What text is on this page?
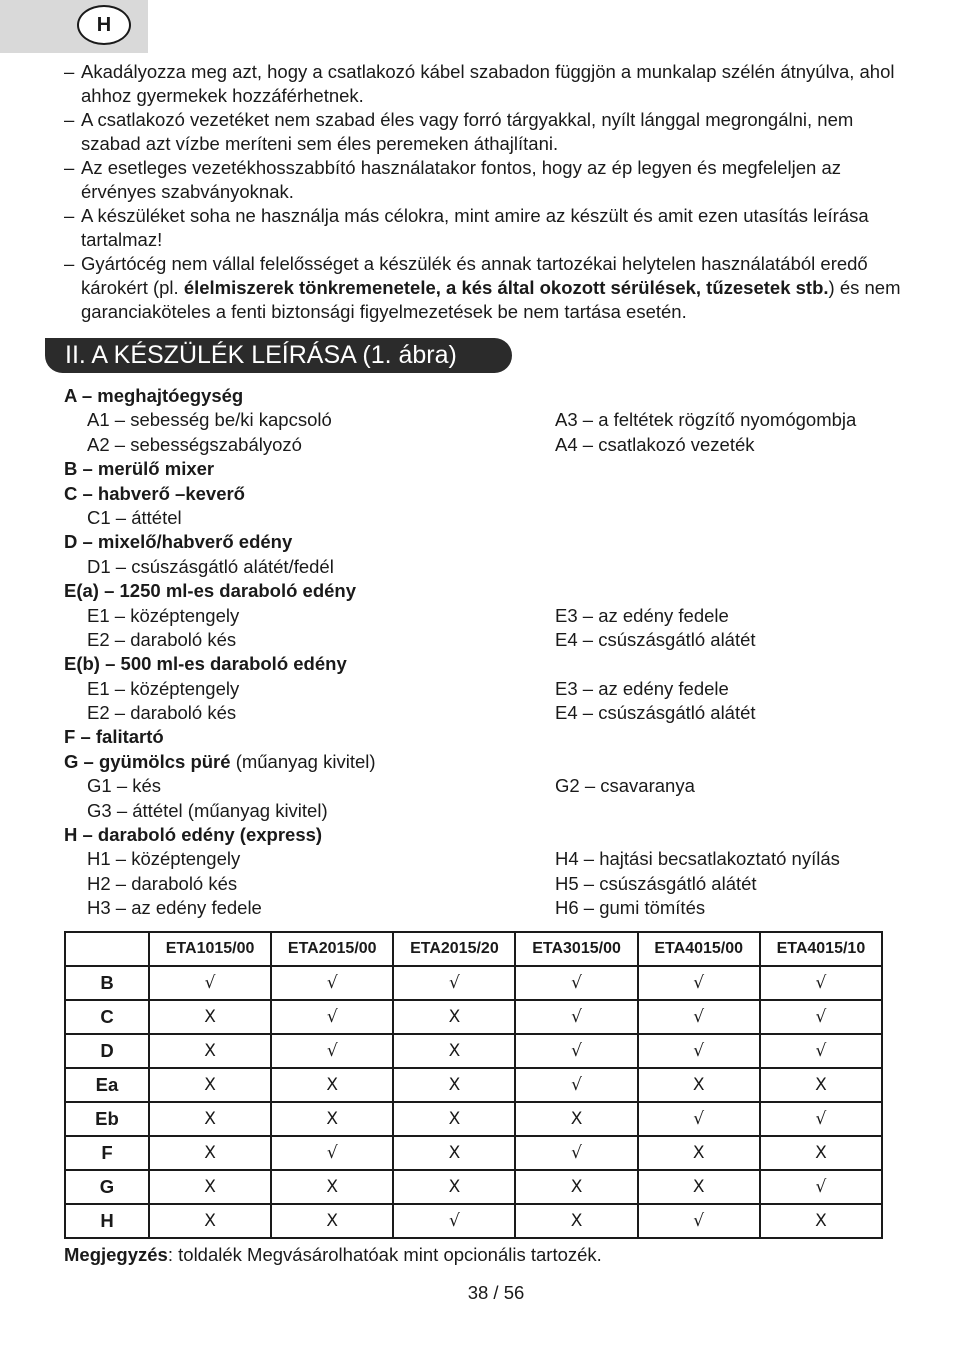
H
– Akadályozza meg azt, hogy a csatlakozó kábel szabadon függjön a munkalap szélén átnyúlva, ahol ahhoz gyermekek hozzáférhetnek.
– A csatlakozó vezetéket nem szabad éles vagy forró tárgyakkal, nyílt lánggal megrongálni, nem szabad azt vízbe meríteni sem éles peremeken áthajlítani.
– Az esetleges vezetékhosszabbító használatakor fontos, hogy az ép legyen és megfeleljen az érvényes szabványoknak.
– A készüléket soha ne használja más célokra, mint amire az készült és amit ezen utasítás leírása tartalmaz!
– Gyártócég nem vállal felelősséget a készülék és annak tartozékai helytelen használatából eredő károkért (pl. élelmiszerek tönkremenetele, a kés által okozott sérülések, tűzesetek stb.) és nem garanciaköteles a fenti biztonsági figyelmezetések be nem tartása esetén.
II. A KÉSZÜLÉK LEÍRÁSA (1. ábra)
A – meghajtóegység
A1 – sebesség be/ki kapcsoló	A3 – a feltétek rögzítő nyomógombja
A2 – sebességszabályozó	A4 – csatlakozó vezeték
B – merülő mixer
C – habverő –keverő
C1 – áttétel
D – mixelő/habverő edény
D1 – csúszásgátló alátét/fedél
E(a) – 1250 ml-es daraboló edény
E1 – középtengely	E3 – az edény fedele
E2 – daraboló kés	E4 – csúszásgátló alátét
E(b) – 500 ml-es daraboló edény
E1 – középtengely	E3 – az edény fedele
E2 – daraboló kés	E4 – csúszásgátló alátét
F – falitartó
G – gyümölcs püré (műanyag kivitel)
G1 – kés	G2 – csavaranya
G3 – áttétel (műanyag kivitel)
H – daraboló edény (express)
H1 – középtengely	H4 – hajtási becsatlakoztató nyílás
H2 – daraboló kés	H5 – csúszásgátló alátét
H3 – az edény fedele	H6 – gumi tömítés
	ETA1015/00	ETA2015/00	ETA2015/20	ETA3015/00	ETA4015/00	ETA4015/10
B	√	√	√	√	√	√
C	X	√	X	√	√	√
D	X	√	X	√	√	√
Ea	X	X	X	√	X	X
Eb	X	X	X	X	√	√
F	X	√	X	√	X	X
G	X	X	X	X	X	√
H	X	X	√	X	√	X
Megjegyzés: toldalék Megvásárolhatóak mint opcionális tartozék.
38 / 56
